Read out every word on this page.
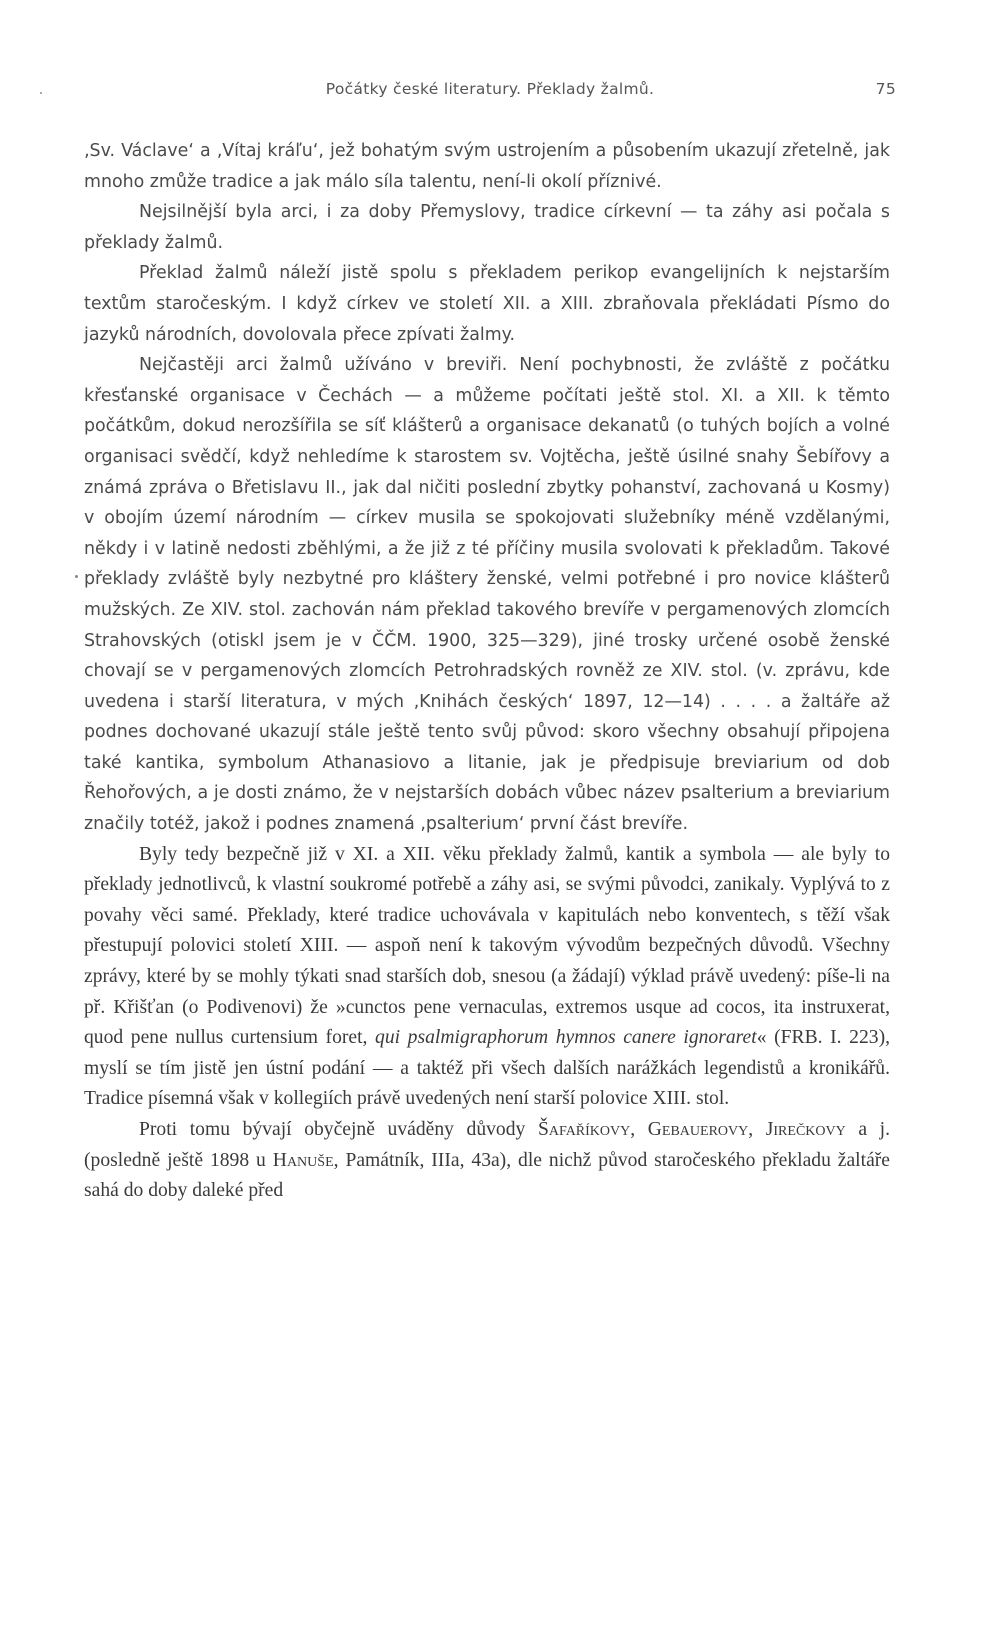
Počátky české literatury. Překlady žalmů.	75

‚Sv. Václave‘ a ‚Vítaj kráľu‘, jež bohatým svým ustrojením a působením ukazují zřetelně, jak mnoho zmůže tradice a jak málo síla talentu, není-li okolí příznivé.

Nejsilnější byla arci, i za doby Přemyslovy, tradice církevní — ta záhy asi počala s překlady žalmů.

Překlad žalmů náleží jistě spolu s překladem perikop evangelijních k nejstarším textům staročeským. I když církev ve století XII. a XIII. zbraňovala překládati Písmo do jazyků národních, dovolovala přece zpívati žalmy.

Nejčastěji arci žalmů užíváno v breviři. Není pochybnosti, že zvláště z počátku křesťanské organisace v Čechách — a můžeme počítati ještě stol. XI. a XII. k těmto počátkům, dokud nerozšířila se síť klášterů a organisace dekanatů (o tuhých bojích a volné organisaci svědčí, když nehledíme k starostem sv. Vojtěcha, ještě úsilné snahy Šebířovy a známá zpráva o Břetislavu II., jak dal ničiti poslední zbytky pohanství, zachovaná u Kosmy) v obojím území národním — církev musila se spokojovati služebníky méně vzdělanými, někdy i v latině nedosti zběhlými, a že již z té příčiny musila svolovati k překladům. Takové překlady zvláště byly nezbytné pro kláštery ženské, velmi potřebné i pro novice klášterů mužských. Ze XIV. stol. zachován nám překlad takového brevíře v pergamenových zlomcích Strahovských (otiskl jsem je v ČČM. 1900, 325—329), jiné trosky určené osobě ženské chovají se v pergamenových zlomcích Petrohradských rovněž ze XIV. stol. (v. zprávu, kde uvedena i starší literatura, v mých ‚Knihách českých‘ 1897, 12—14) . . . . a žaltáře až podnes dochované ukazují stále ještě tento svůj původ: skoro všechny obsahují připojena také kantika, symbolum Athanasiovo a litanie, jak je předpisuje breviarium od dob Řehořových, a je dosti známo, že v nejstarších dobách vůbec název psalterium a breviarium značily totéž, jakož i podnes znamená ‚psalterium‘ první část brevíře.

Byly tedy bezpečně již v XI. a XII. věku překlady žalmů, kantik a symbola — ale byly to překlady jednotlivců, k vlastní soukromé potřebě a záhy asi, se svými původci, zanikaly. Vyplývá to z povahy věci samé. Překlady, které tradice uchovávala v kapitulách nebo konventech, s těží však přestupují polovici století XIII. — aspoň není k takovým vývodům bezpečných důvodů. Všechny zprávy, které by se mohly týkati snad starších dob, snesou (a žádají) výklad právě uvedený: píše-li na př. Křišťan (o Podivenovi) že »cunctos pene vernaculas, extremos usque ad cocos, ita instruxerat, quod pene nullus curtensium foret, qui psalmigraphorum hymnos canere ignoraret« (FRB. I. 223), myslí se tím jistě jen ústní podání — a taktéž při všech dalších narážkách legendistů a kronikářů. Tradice písemná však v kollegiích právě uvedených není starší polovice XIII. stol.

Proti tomu bývají obyčejně uváděny důvody Šafaříkovy, Gebauerovy, Jirečkovy a j. (posledně ještě 1898 u Hanuše, Památník, IIIa, 43a), dle nichž původ staročeského překladu žaltáře sahá do doby daleké před
